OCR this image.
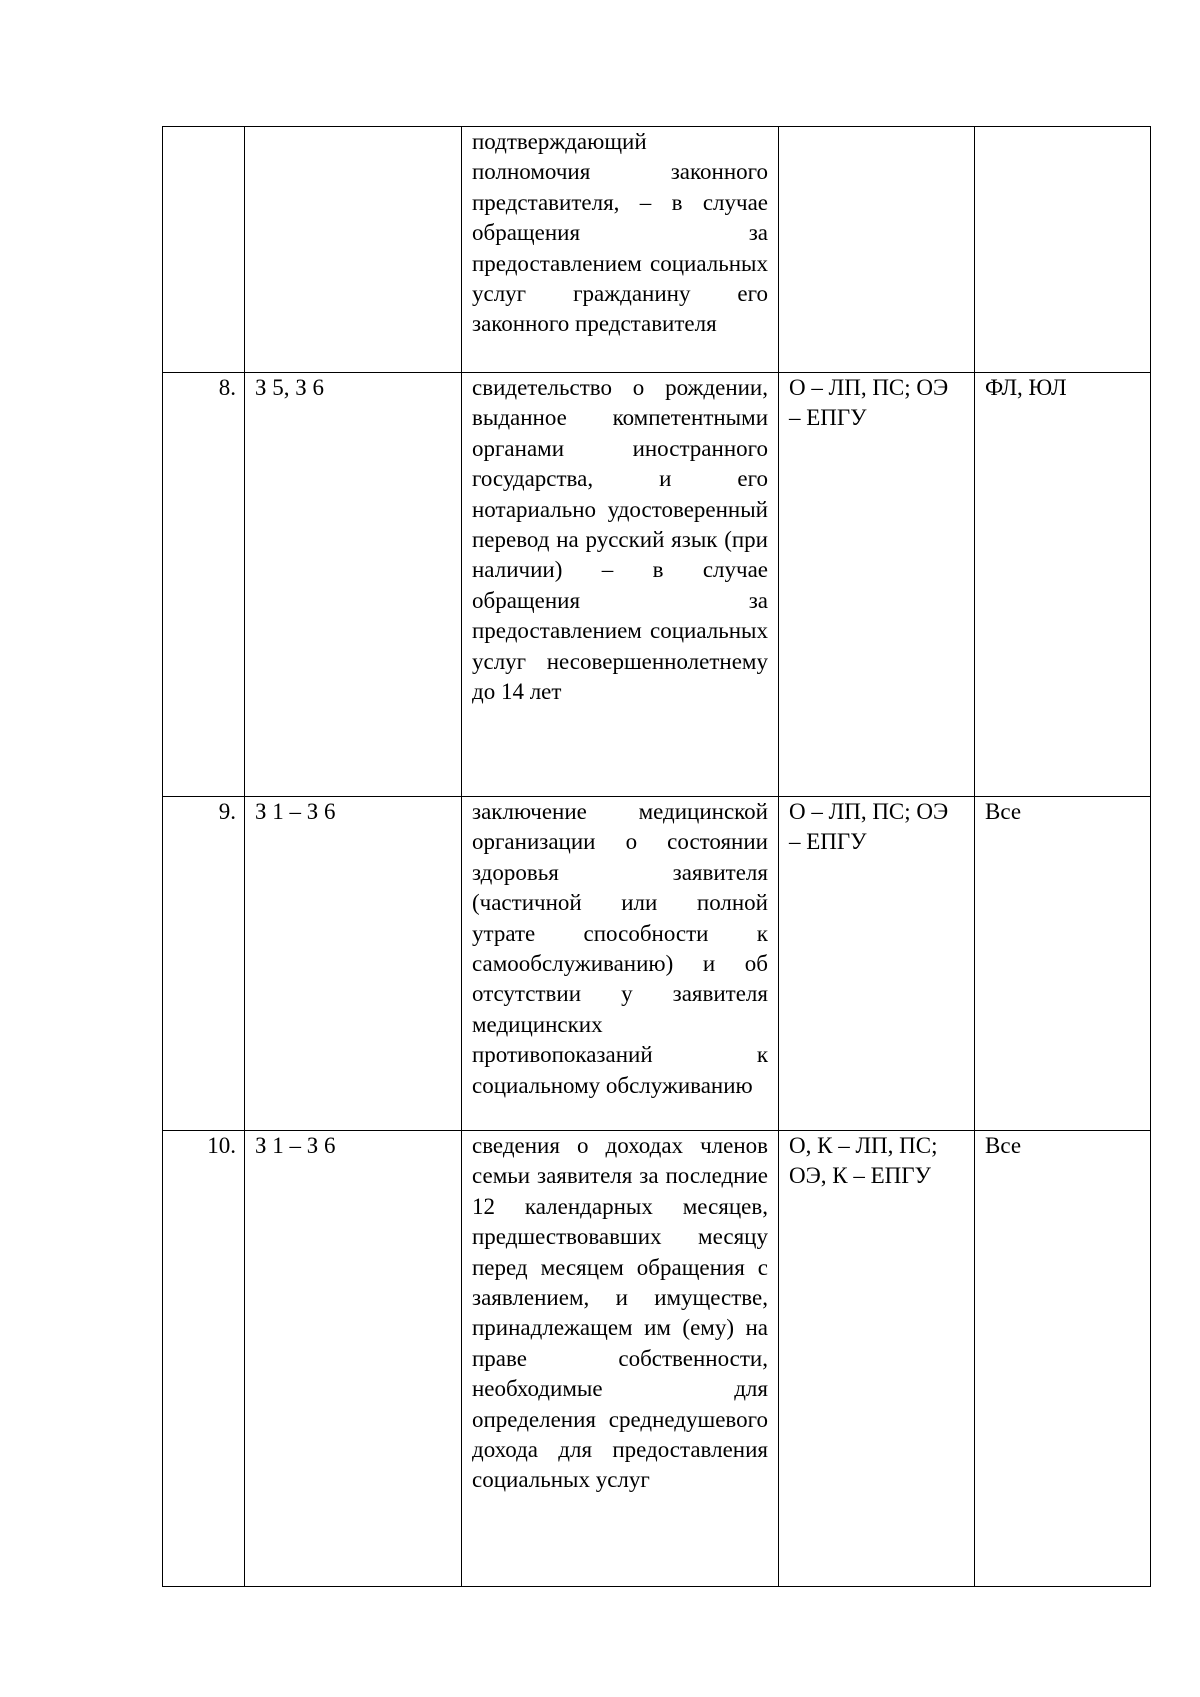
		подтверждающий полномочия законного представителя, – в случае обращения за предоставлением социальных услуг гражданину его законного представителя		

8.	З 5, З 6	свидетельство о рождении, выданное компетентными органами иностранного государства, и его нотариально удостоверенный перевод на русский язык (при наличии) – в случае обращения за предоставлением социальных услуг несовершеннолетнему до 14 лет	О – ЛП, ПС; ОЭ – ЕПГУ	ФЛ, ЮЛ
9.	З 1 – З 6	заключение медицинской организации о состоянии здоровья заявителя (частичной или полной утрате способности к самообслуживанию) и об отсутствии у заявителя медицинских противопоказаний к социальному обслуживанию	О – ЛП, ПС; ОЭ – ЕПГУ	Все
10.	З 1 – З 6	сведения о доходах членов семьи заявителя за последние 12 календарных месяцев, предшествовавших месяцу перед месяцем обращения с заявлением, и имуществе, принадлежащем им (ему) на праве собственности, необходимые для определения среднедушевого дохода для предоставления социальных услуг	О, К – ЛП, ПС; ОЭ, К – ЕПГУ	Все
